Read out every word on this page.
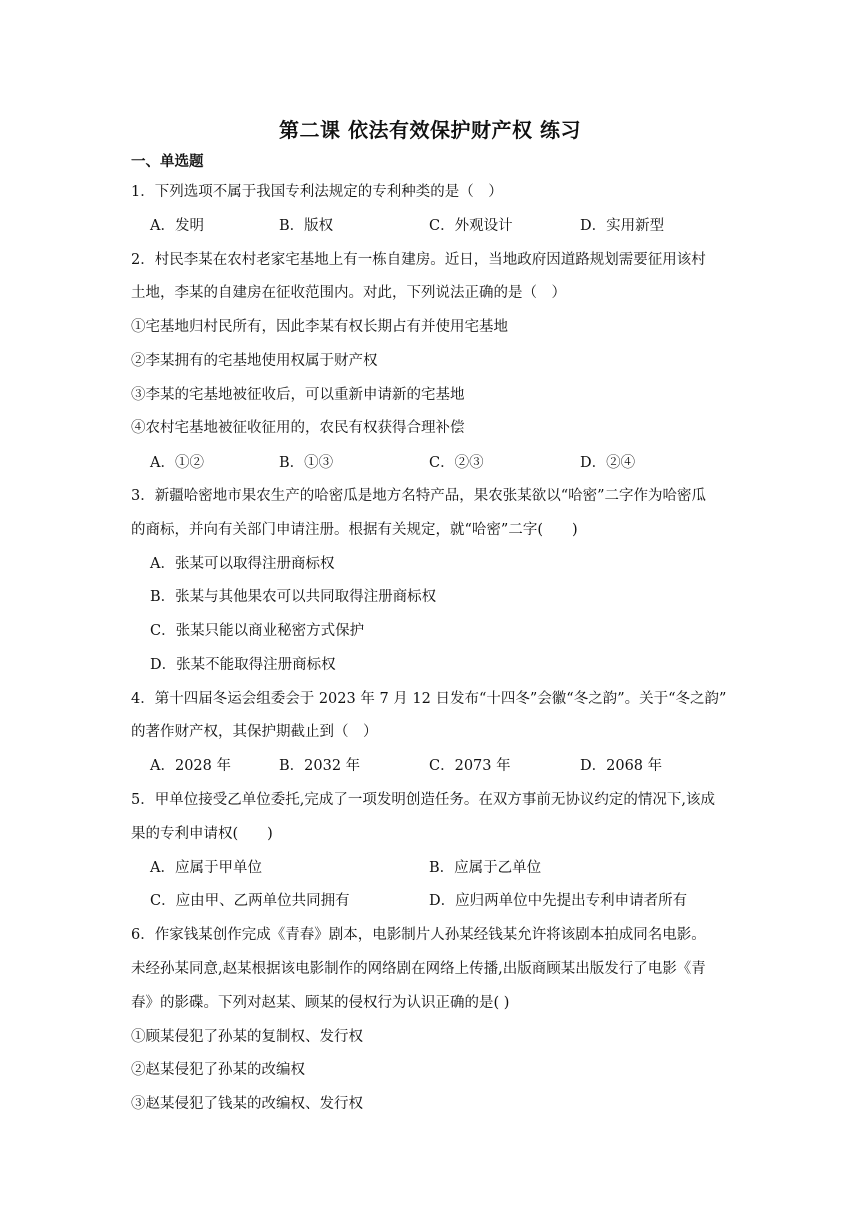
第二课 依法有效保护财产权 练习
一、单选题
1．下列选项不属于我国专利法规定的专利种类的是（　）
A．发明	B．版权	C．外观设计	D．实用新型
2．村民李某在农村老家宅基地上有一栋自建房。近日，当地政府因道路规划需要征用该村
土地，李某的自建房在征收范围内。对此，下列说法正确的是（　）
①宅基地归村民所有，因此李某有权长期占有并使用宅基地
②李某拥有的宅基地使用权属于财产权
③李某的宅基地被征收后，可以重新申请新的宅基地
④农村宅基地被征收征用的，农民有权获得合理补偿
A．①②	B．①③	C．②③	D．②④
3．新疆哈密地市果农生产的哈密瓜是地方名特产品，果农张某欲以“哈密”二字作为哈密瓜
的商标，并向有关部门申请注册。根据有关规定，就“哈密”二字(　　)
A．张某可以取得注册商标权
B．张某与其他果农可以共同取得注册商标权
C．张某只能以商业秘密方式保护
D．张某不能取得注册商标权
4．第十四届冬运会组委会于 2023 年 7 月 12 日发布“十四冬”会徽“冬之韵”。关于“冬之韵”
的著作财产权，其保护期截止到（　）
A．2028 年	B．2032 年	C．2073 年	D．2068 年
5．甲单位接受乙单位委托,完成了一项发明创造任务。在双方事前无协议约定的情况下,该成
果的专利申请权(　　)
A．应属于甲单位	B．应属于乙单位
C．应由甲、乙两单位共同拥有	D．应归两单位中先提出专利申请者所有
6．作家钱某创作完成《青春》剧本，电影制片人孙某经钱某允许将该剧本拍成同名电影。
未经孙某同意,赵某根据该电影制作的网络剧在网络上传播,出版商顾某出版发行了电影《青
春》的影碟。下列对赵某、顾某的侵权行为认识正确的是( )
①顾某侵犯了孙某的复制权、发行权
②赵某侵犯了孙某的改编权
③赵某侵犯了钱某的改编权、发行权
